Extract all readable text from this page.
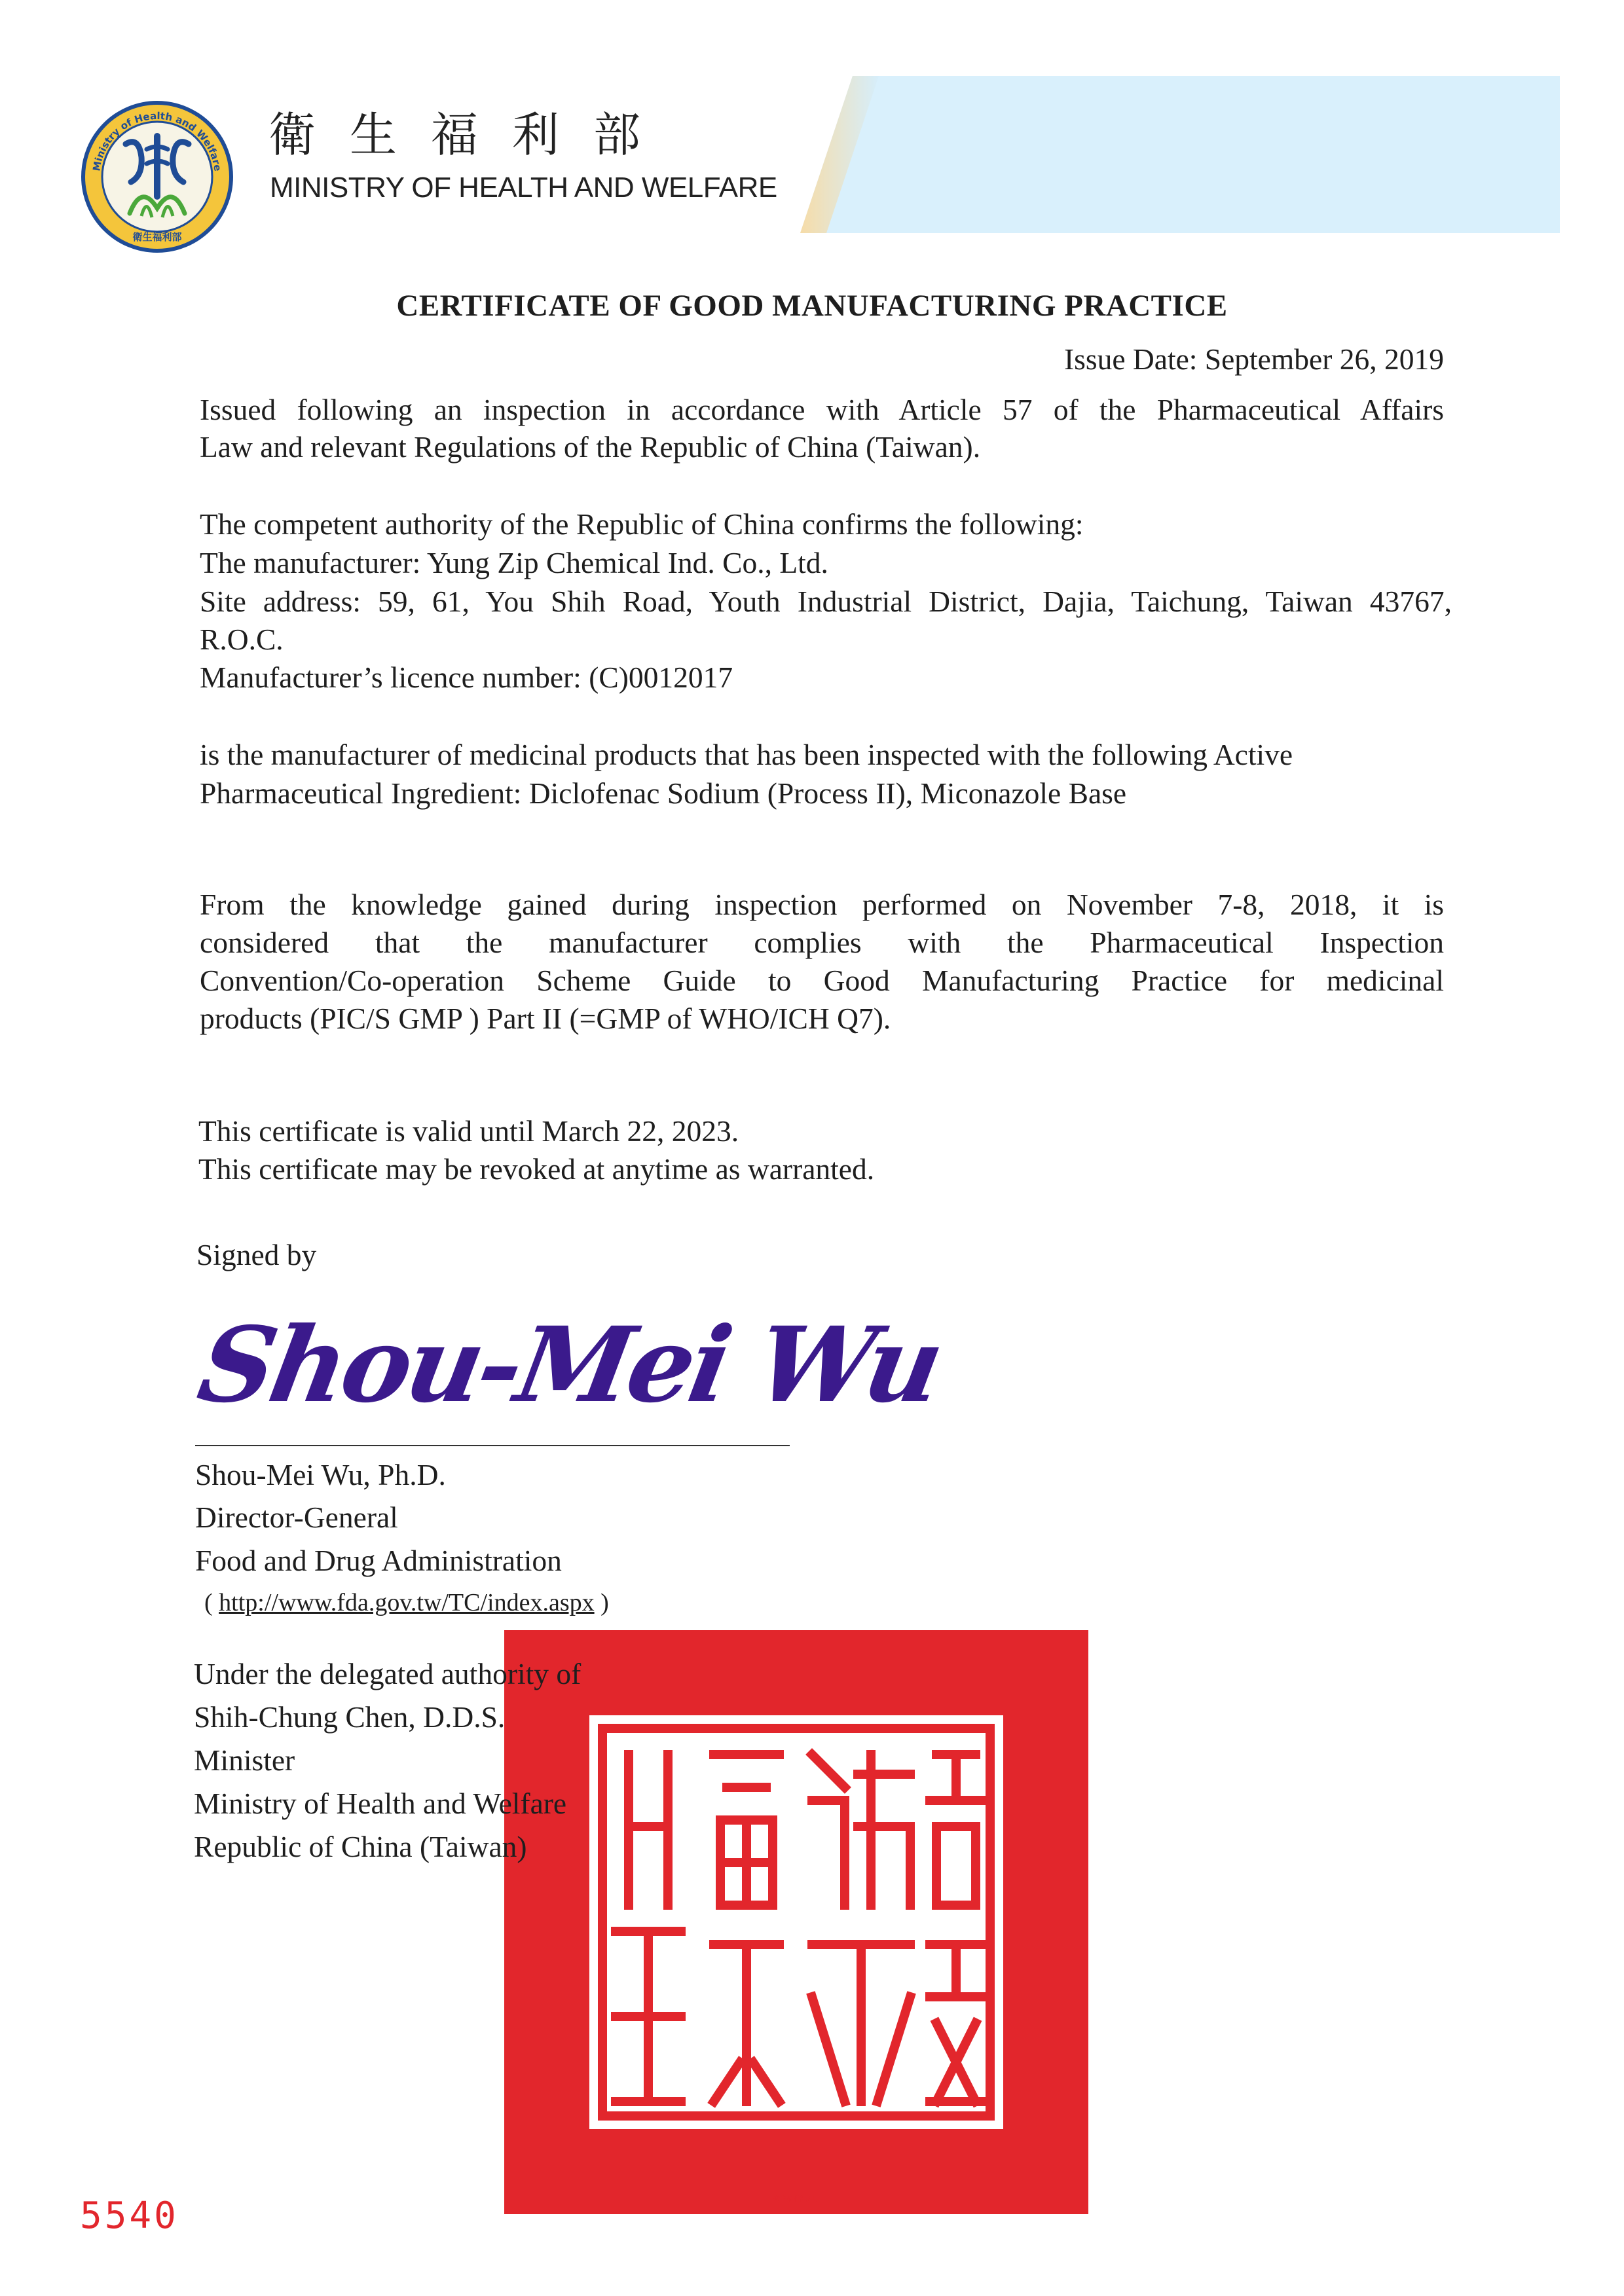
Ministry of Health and Welfare
衛生福利部
衛生福利部
MINISTRY OF HEALTH AND WELFARE
CERTIFICATE OF GOOD MANUFACTURING PRACTICE
Issue Date: September 26, 2019
Issued following an inspection in accordance with Article 57 of the Pharmaceutical Affairs
Law and relevant Regulations of the Republic of China (Taiwan).
The competent authority of the Republic of China confirms the following:
The manufacturer: Yung Zip Chemical Ind. Co., Ltd.
Site address: 59, 61, You Shih Road, Youth Industrial District, Dajia, Taichung, Taiwan 43767,
R.O.C.
Manufacturer’s licence number: (C)0012017
is the manufacturer of medicinal products that has been inspected with the following Active
Pharmaceutical Ingredient: Diclofenac Sodium (Process II), Miconazole Base
From the knowledge gained during inspection performed on November 7-8, 2018, it is
considered that the manufacturer complies with the Pharmaceutical Inspection
Convention/Co-operation Scheme Guide to Good Manufacturing Practice for medicinal
products (PIC/S GMP ) Part II (=GMP of WHO/ICH Q7).
This certificate is valid until March 22, 2023.
This certificate may be revoked at anytime as warranted.
Signed by
Shou-Mei Wu
Shou-Mei Wu, Ph.D.
Director-General
Food and Drug Administration
( http://www.fda.gov.tw/TC/index.aspx )
衛生福利部之印
Under the delegated authority of
Shih-Chung Chen, D.D.S.
Minister
Ministry of Health and Welfare
Republic of China (Taiwan)
5540
